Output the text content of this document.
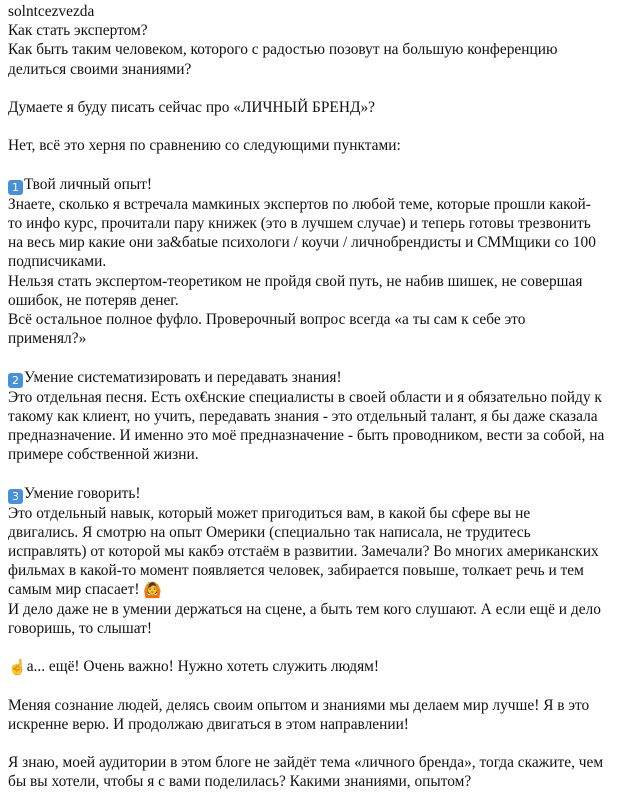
solntcezvezda
Как стать экспертом?
Как быть таким человеком, которого с радостью позовут на большую конференцию
делиться своими знаниями?
Думаете я буду писать сейчас про «ЛИЧНЫЙ БРЕНД»?
Нет, всё это херня по сравнению со следующими пунктами:
1 Твой личный опыт!
Знаете, сколько я встречала мамкиных экспертов по любой теме, которые прошли какой-
то инфо курс, прочитали пару книжек (это в лучшем случае) и теперь готовы трезвонить
на весь мир какие они за&бatые психологи / коучи / личнобрендисты и СММщики со 100
подписчиками.
Нельзя стать экспертом-теоретиком не пройдя свой путь, не набив шишек, не совершая
ошибок, не потеряв денег.
Всё остальное полное фуфло. Проверочный вопрос всегда «а ты сам к себе это
применял?»
2 Умение систематизировать и передавать знания!
Это отдельная песня. Есть ох€нские специалисты в своей области и я обязательно пойду к
такому как клиент, но учить, передавать знания - это отдельный талант, я бы даже сказала
предназначение. И именно это моё предназначение - быть проводником, вести за собой, на
примере собственной жизни.
3 Умение говорить!
Это отдельный навык, который может пригодиться вам, в какой бы сфере вы не
двигались. Я смотрю на опыт Омерики (специально так написала, не трудитесь
исправлять) от которой мы какбэ отстаём в развитии. Замечали? Во многих американских
фильмах в какой-то момент появляется человек, забирается повыше, толкает речь и тем
самым мир спасает! 🙆
И дело даже не в умении держаться на сцене, а быть тем кого слушают. А если ещё и дело
говоришь, то слышат!
☝а... ещё! Очень важно! Нужно хотеть служить людям!
Меняя сознание людей, делясь своим опытом и знаниями мы делаем мир лучше! Я в это
искренне верю. И продолжаю двигаться в этом направлении!
Я знаю, моей аудитории в этом блоге не зайдёт тема «личного бренда», тогда скажите, чем
бы вы хотели, чтобы я с вами поделилась? Какими знаниями, опытом?
